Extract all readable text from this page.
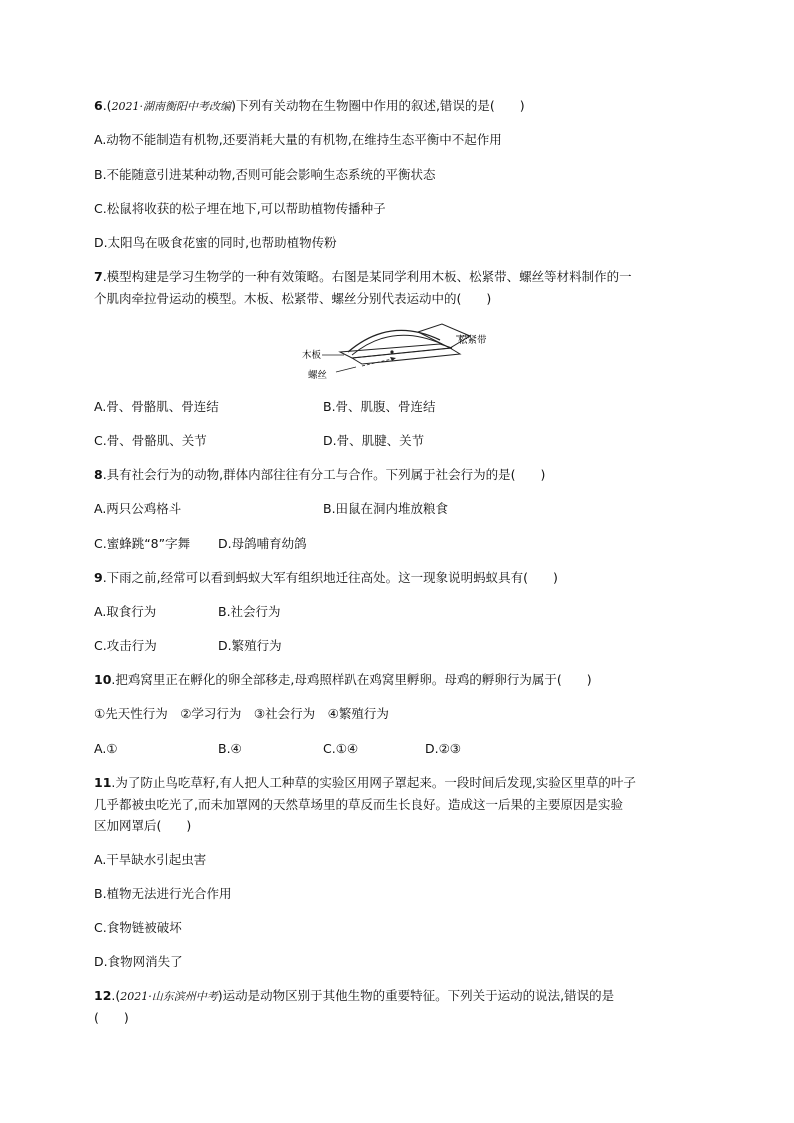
6.(2021·湖南衡阳中考改编)下列有关动物在生物圈中作用的叙述,错误的是(　　)
A.动物不能制造有机物,还要消耗大量的有机物,在维持生态平衡中不起作用
B.不能随意引进某种动物,否则可能会影响生态系统的平衡状态
C.松鼠将收获的松子埋在地下,可以帮助植物传播种子
D.太阳鸟在吸食花蜜的同时,也帮助植物传粉
7.模型构建是学习生物学的一种有效策略。右图是某同学利用木板、松紧带、螺丝等材料制作的一
个肌肉牵拉骨运动的模型。木板、松紧带、螺丝分别代表运动中的(　　)
木板
松紧带
螺丝
A.骨、骨骼肌、骨连结	B.骨、肌腹、骨连结
C.骨、骨骼肌、关节	D.骨、肌腱、关节
8.具有社会行为的动物,群体内部往往有分工与合作。下列属于社会行为的是(　　)
A.两只公鸡格斗	B.田鼠在洞内堆放粮食
C.蜜蜂跳“8”字舞 D.母鸽哺育幼鸽
9.下雨之前,经常可以看到蚂蚁大军有组织地迁往高处。这一现象说明蚂蚁具有(　　)
A.取食行为	B.社会行为
C.攻击行为	D.繁殖行为
10.把鸡窝里正在孵化的卵全部移走,母鸡照样趴在鸡窝里孵卵。母鸡的孵卵行为属于(　　)
①先天性行为　②学习行为　③社会行为　④繁殖行为
A.①	B.④	C.①④	D.②③
11.为了防止鸟吃草籽,有人把人工种草的实验区用网子罩起来。一段时间后发现,实验区里草的叶子
几乎都被虫吃光了,而未加罩网的天然草场里的草反而生长良好。造成这一后果的主要原因是实验
区加网罩后(　　)
A.干旱缺水引起虫害
B.植物无法进行光合作用
C.食物链被破坏
D.食物网消失了
12.(2021·山东滨州中考)运动是动物区别于其他生物的重要特征。下列关于运动的说法,错误的是
(　　)
